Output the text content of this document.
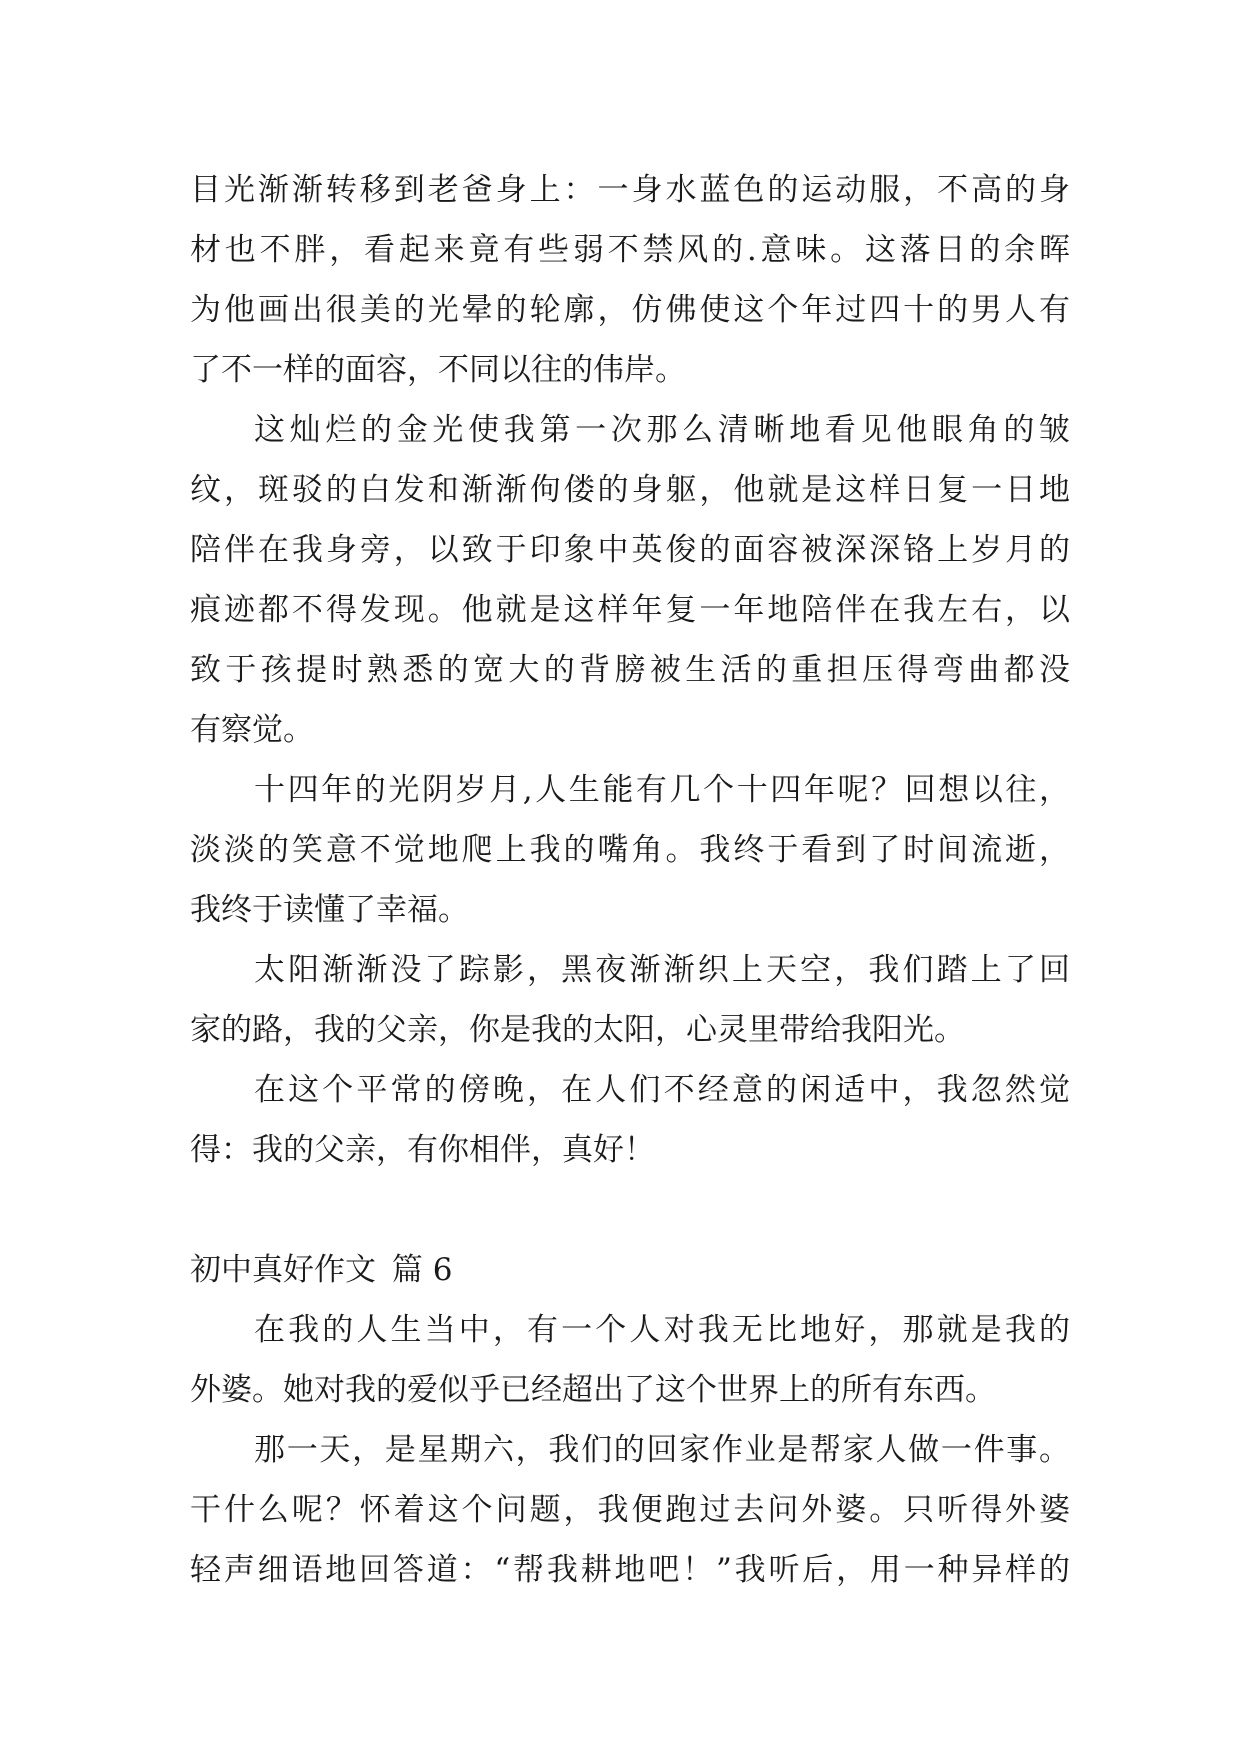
目光渐渐转移到老爸身上：一身水蓝色的运动服，不高的身
材也不胖，看起来竟有些弱不禁风的.意味。这落日的余晖
为他画出很美的光晕的轮廓，仿佛使这个年过四十的男人有
了不一样的面容，不同以往的伟岸。
这灿烂的金光使我第一次那么清晰地看见他眼角的皱
纹，斑驳的白发和渐渐佝偻的身躯，他就是这样日复一日地
陪伴在我身旁，以致于印象中英俊的面容被深深铬上岁月的
痕迹都不得发现。他就是这样年复一年地陪伴在我左右，以
致于孩提时熟悉的宽大的背膀被生活的重担压得弯曲都没
有察觉。
十四年的光阴岁月,人生能有几个十四年呢？回想以往，
淡淡的笑意不觉地爬上我的嘴角。我终于看到了时间流逝，
我终于读懂了幸福。
太阳渐渐没了踪影，黑夜渐渐织上天空，我们踏上了回
家的路，我的父亲，你是我的太阳，心灵里带给我阳光。
在这个平常的傍晚，在人们不经意的闲适中，我忽然觉
得：我的父亲，有你相伴，真好！
初中真好作文 篇 6
在我的人生当中，有一个人对我无比地好，那就是我的
外婆。她对我的爱似乎已经超出了这个世界上的所有东西。
那一天，是星期六，我们的回家作业是帮家人做一件事。
干什么呢？怀着这个问题，我便跑过去问外婆。只听得外婆
轻声细语地回答道：“帮我耕地吧！”我听后，用一种异样的
